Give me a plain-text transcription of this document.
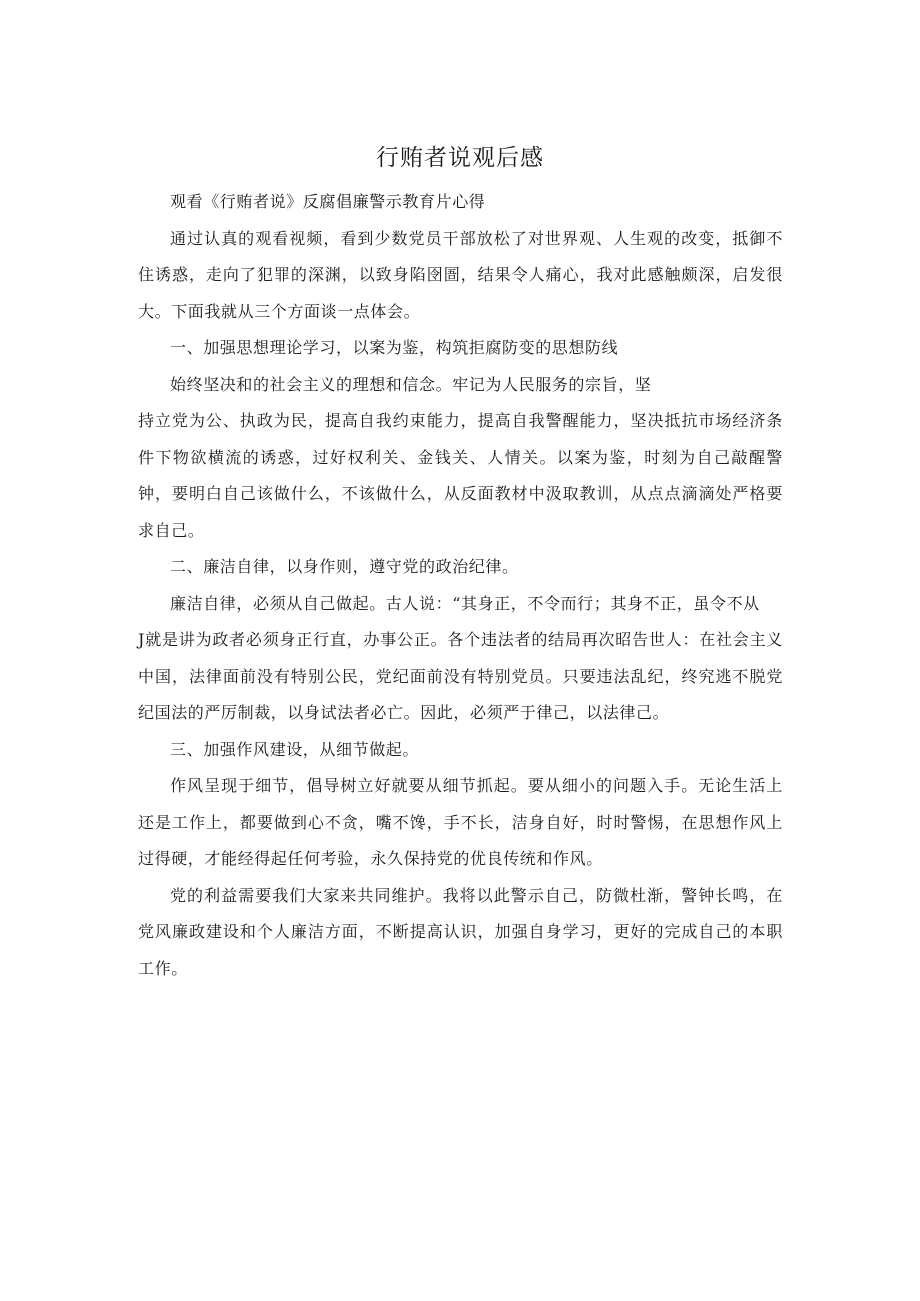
行贿者说观后感

观看《行贿者说》反腐倡廉警示教育片心得

通过认真的观看视频，看到少数党员干部放松了对世界观、人生观的改变，抵御不住诱惑，走向了犯罪的深渊，以致身陷囹圄，结果令人痛心，我对此感触颇深，启发很大。下面我就从三个方面谈一点体会。

一、加强思想理论学习，以案为鉴，构筑拒腐防变的思想防线

始终坚决和的社会主义的理想和信念。牢记为人民服务的宗旨，坚

持立党为公、执政为民，提高自我约束能力，提高自我警醒能力，坚决抵抗市场经济条件下物欲横流的诱惑，过好权利关、金钱关、人情关。以案为鉴，时刻为自己敲醒警钟，要明白自己该做什么，不该做什么，从反面教材中汲取教训，从点点滴滴处严格要求自己。

二、廉洁自律，以身作则，遵守党的政治纪律。

廉洁自律，必须从自己做起。古人说：“其身正，不令而行；其身不正，虽令不从

J就是讲为政者必须身正行直，办事公正。各个违法者的结局再次昭告世人：在社会主义中国，法律面前没有特别公民，党纪面前没有特别党员。只要违法乱纪，终究逃不脱党纪国法的严厉制裁，以身试法者必亡。因此，必须严于律己，以法律己。

三、加强作风建设，从细节做起。

作风呈现于细节，倡导树立好就要从细节抓起。要从细小的问题入手。无论生活上还是工作上，都要做到心不贪，嘴不馋，手不长，洁身自好，时时警惕，在思想作风上过得硬，才能经得起任何考验，永久保持党的优良传统和作风。

党的利益需要我们大家来共同维护。我将以此警示自己，防微杜渐，警钟长鸣，在党风廉政建设和个人廉洁方面，不断提高认识，加强自身学习，更好的完成自己的本职工作。
